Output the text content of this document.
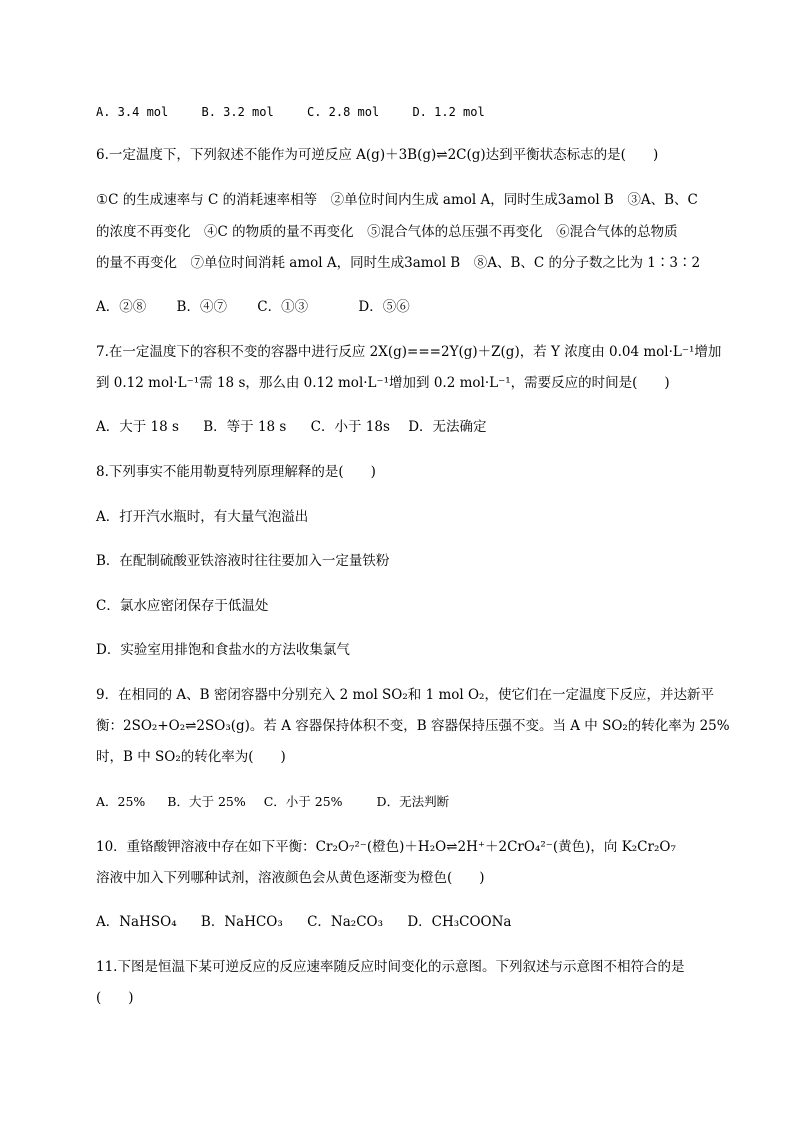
A. 3.4 mol	B. 3.2 mol	C. 2.8 mol	D. 1.2 mol
6.一定温度下，下列叙述不能作为可逆反应 A(g)＋3B(g)⇌2C(g)达到平衡状态标志的是(　　)
①C 的生成速率与 C 的消耗速率相等　②单位时间内生成 amol A，同时生成3amol B　③A、B、C
的浓度不再变化　④C 的物质的量不再变化　⑤混合气体的总压强不再变化　⑥混合气体的总物质
的量不再变化　⑦单位时间消耗 amol A，同时生成3amol B　⑧A、B、C 的分子数之比为 1∶3∶2
A．②⑧ B．④⑦ C．①③	D．⑤⑥
7.在一定温度下的容积不变的容器中进行反应 2X(g)===2Y(g)＋Z(g)，若 Y 浓度由 0.04 mol·L⁻¹增加
到 0.12 mol·L⁻¹需 18 s，那么由 0.12 mol·L⁻¹增加到 0.2 mol·L⁻¹，需要反应的时间是(　　)
A．大于 18 s B．等于 18 s C．小于 18s D．无法确定
8.下列事实不能用勒夏特列原理解释的是(　　)
A．打开汽水瓶时，有大量气泡溢出
B．在配制硫酸亚铁溶液时往往要加入一定量铁粉
C．氯水应密闭保存于低温处
D．实验室用排饱和食盐水的方法收集氯气
9．在相同的 A、B 密闭容器中分别充入 2 mol SO₂和 1 mol O₂，使它们在一定温度下反应，并达新平
衡：2SO₂+O₂⇌2SO₃(g)。若 A 容器保持体积不变，B 容器保持压强不变。当 A 中 SO₂的转化率为 25%
时，B 中 SO₂的转化率为(　　)
A．25% B．大于 25% C．小于 25%	D．无法判断
10．重铬酸钾溶液中存在如下平衡：Cr₂O₇²⁻(橙色)＋H₂O⇌2H⁺＋2CrO₄²⁻(黄色)，向 K₂Cr₂O₇
溶液中加入下列哪种试剂，溶液颜色会从黄色逐渐变为橙色(　　)
A．NaHSO₄ B．NaHCO₃ C．Na₂CO₃ D．CH₃COONa
11.下图是恒温下某可逆反应的反应速率随反应时间变化的示意图。下列叙述与示意图不相符合的是
(　　)
